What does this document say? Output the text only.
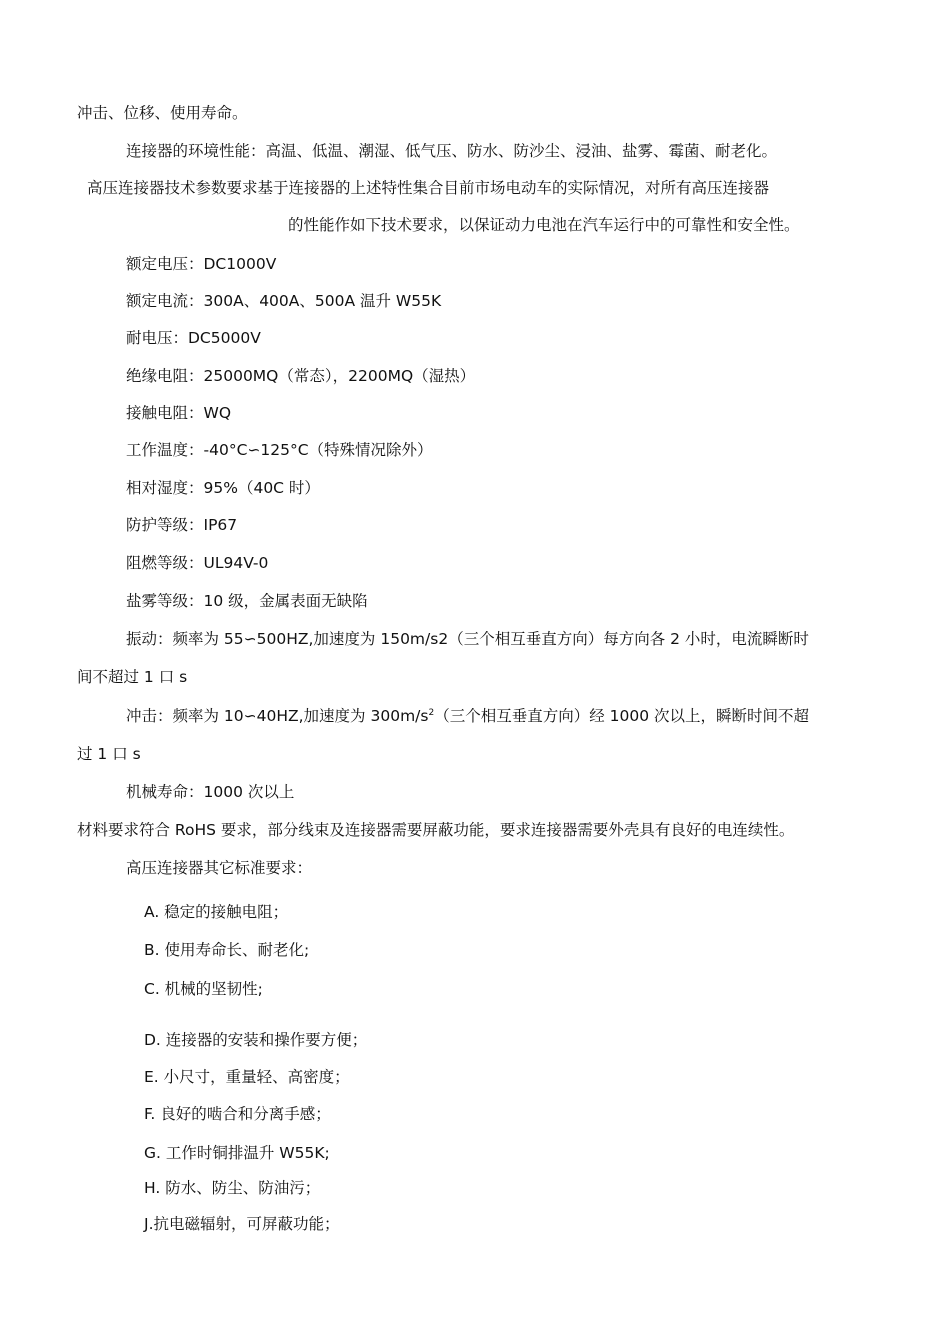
冲击、位移、使用寿命。
连接器的环境性能：高温、低温、潮湿、低气压、防水、防沙尘、浸油、盐雾、霉菌、耐老化。
高压连接器技术参数要求基于连接器的上述特性集合目前市场电动车的实际情况，对所有高压连接器
的性能作如下技术要求，以保证动力电池在汽车运行中的可靠性和安全性。
额定电压：DC1000V
额定电流：300A、400A、500A 温升 W55K
耐电压：DC5000V
绝缘电阻：25000MQ（常态），2200MQ（湿热）
接触电阻：WQ
工作温度：-40°C∽125°C（特殊情况除外）
相对湿度：95%（40C 时）
防护等级：IP67
阻燃等级：UL94V-0
盐雾等级：10 级，金属表面无缺陷
振动：频率为 55∽500HZ,加速度为 150m/s2（三个相互垂直方向）每方向各 2 小时，电流瞬断时
间不超过 1 口 s
冲击：频率为 10∽40HZ,加速度为 $300m/s^2$（三个相互垂直方向）经 1000 次以上，瞬断时间不超
过 1 口 s
机械寿命：1000 次以上
材料要求符合 RoHS 要求，部分线束及连接器需要屏蔽功能，要求连接器需要外壳具有良好的电连续性。
高压连接器其它标准要求：
A. 稳定的接触电阻；
B. 使用寿命长、耐老化;
C. 机械的坚韧性;
D. 连接器的安装和操作要方便；
E. 小尺寸，重量轻、高密度；
F. 良好的啮合和分离手感；
G. 工作时铜排温升 W55K;
H. 防水、防尘、防油污；
J.抗电磁辐射，可屏蔽功能；
